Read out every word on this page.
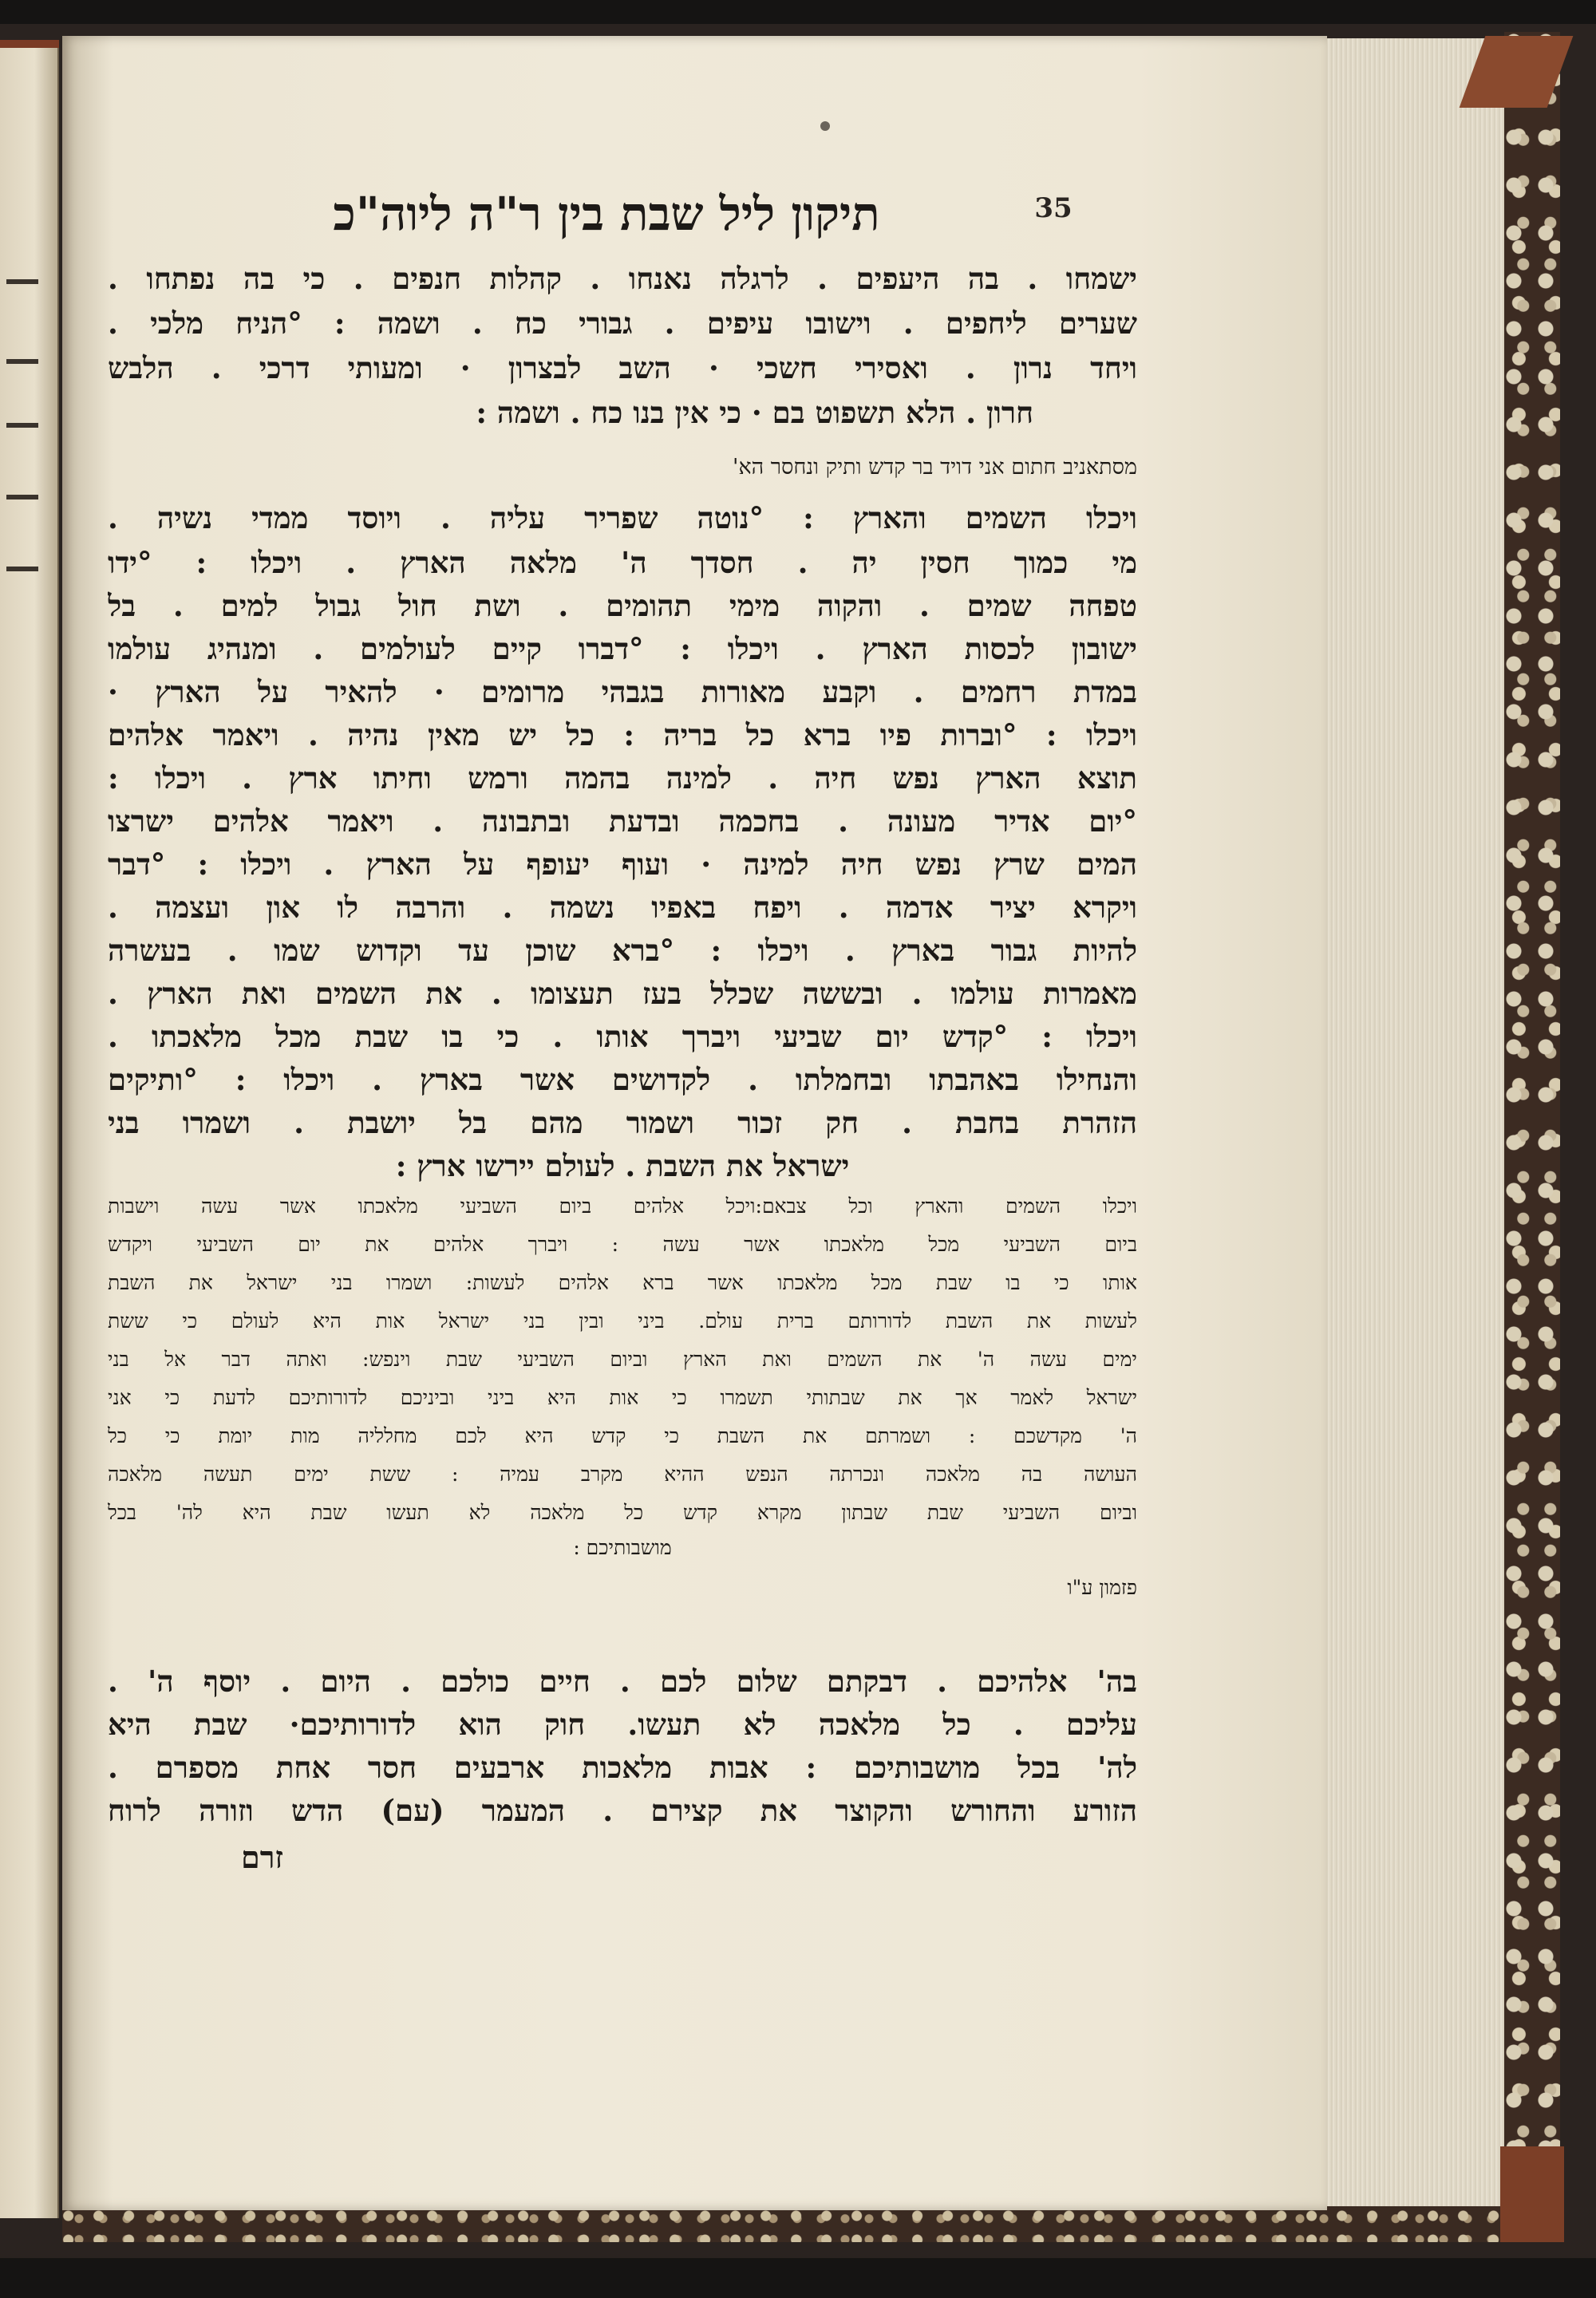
תיקון ליל שבת בין ר"ה ליוה"כ	35
ישמחו . בה היעפים . לרגלה נאנחו . קהלות חנפים . כי בה נפתחו .
שערים ליחפים . וישובו עיפים . גבורי כח . ושמה : °הניח מלכי .
ויחד נרון . ואסירי חשכי · השב לבצרון · ומעותי דרכי . הלבש
חרון . הלא תשפוט בם · כי אין בנו כח . ושמה :
מסתאניב חתום אני דויד בר קדש ותיק ונחסר הא'
ויכלו השמים והארץ : °נוטה שפריר עליה . ויוסד ממדי נשיה .
מי כמוך חסין יה . חסדך ה' מלאה הארץ . ויכלו : °ידו
טפחה שמים . והקוה מימי תהומים . ושת חול גבול למים . בל
ישובון לכסות הארץ . ויכלו : °דברו קיים לעולמים . ומנהיג עולמו
במדת רחמים . וקבע מאורות בגבהי מרומים · להאיר על הארץ ·
ויכלו : °וברות פיו ברא כל בריה : כל יש מאין נהיה . ויאמר אלהים
תוצא הארץ נפש חיה . למינה בהמה ורמש וחיתו ארץ . ויכלו :
°יום אדיר מעונה . בחכמה ובדעת ובתבונה . ויאמר אלהים ישרצו
המים שרץ נפש חיה למינה · ועוף יעופף על הארץ . ויכלו : °דבר
ויקרא יציר אדמה . ויפח באפיו נשמה . והרבה לו און ועצמה .
להיות גבור בארץ . ויכלו : °ברא שוכן עד וקדוש שמו . בעשרה
מאמרות עולמו . ובששה שכלל בעז תעצומו . את השמים ואת הארץ .
ויכלו : °קדש יום שביעי ויברך אותו . כי בו שבת מכל מלאכתו .
והנחילו באהבתו ובחמלתו . לקדושים אשר בארץ . ויכלו : °ותיקים
הזהרת בחבת . חק זכור ושמור מהם בל יושבת . ושמרו בני
ישראל את השבת . לעולם יירשו ארץ :
ויכלו השמים והארץ וכל צבאם:ויכל אלהים ביום השביעי מלאכתו אשר עשה וישבות
ביום השביעי מכל מלאכתו אשר עשה : ויברך אלהים את יום השביעי ויקדש
אותו כי בו שבת מכל מלאכתו אשר ברא אלהים לעשות: ושמרו בני ישראל את השבת
לעשות את השבת לדורותם ברית עולם. ביני ובין בני ישראל אות היא לעולם כי ששת
ימים עשה ה' את השמים ואת הארץ וביום השביעי שבת וינפש: ואתה דבר אל בני
ישראל לאמר אך את שבתותי תשמרו כי אות היא ביני וביניכם לדורותיכם לדעת כי אני
ה' מקדשכם : ושמרתם את השבת כי קדש היא לכם מחלליה מות יומת כי כל
העושה בה מלאכה ונכרתה הנפש ההיא מקרב עמיה : ששת ימים תעשה מלאכה
וביום השביעי שבת שבתון מקרא קדש כל מלאכה לא תעשו שבת היא לה' בכל
מושבותיכם :
פזמון ע"ו
בה' אלהיכם . דבקתם שלום לכם . חיים כולכם . היום . יוסף ה' .
עליכם . כל מלאכה לא תעשו. חוק הוא לדורותיכם· שבת היא
לה' בכל מושבותיכם : אבות מלאכות ארבעים חסר אחת מספרם .
הזורע והחורש והקוצר את קצירם . המעמר (עם) הדש וזורה לרוח
זרם
